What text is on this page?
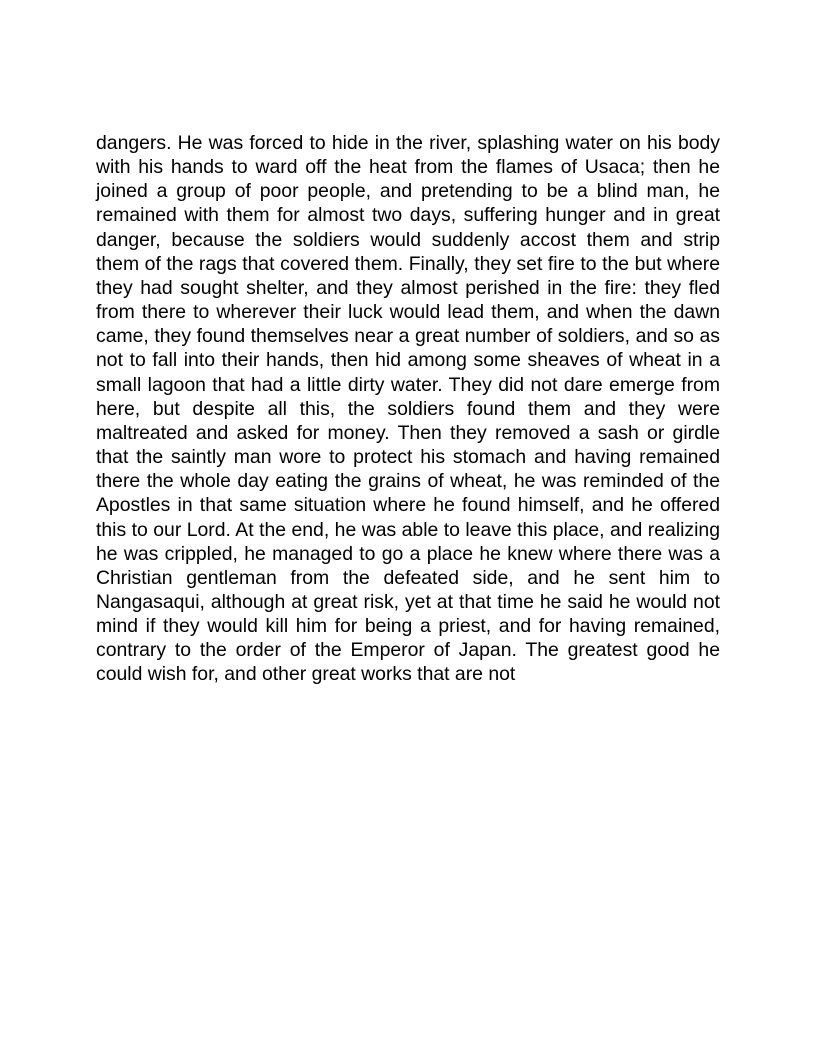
dangers. He was forced to hide in the river, splashing water on his body with his hands to ward off the heat from the flames of Usaca; then he joined a group of poor people, and pretending to be a blind man, he remained with them for almost two days, suffering hunger and in great danger, because the soldiers would suddenly accost them and strip them of the rags that covered them. Finally, they set fire to the but where they had sought shelter, and they almost perished in the fire: they fled from there to wherever their luck would lead them, and when the dawn came, they found themselves near a great number of soldiers, and so as not to fall into their hands, then hid among some sheaves of wheat in a small lagoon that had a little dirty water. They did not dare emerge from here, but despite all this, the soldiers found them and they were maltreated and asked for money. Then they removed a sash or girdle that the saintly man wore to protect his stomach and having remained there the whole day eating the grains of wheat, he was reminded of the Apostles in that same situation where he found himself, and he offered this to our Lord. At the end, he was able to leave this place, and realizing he was crippled, he managed to go a place he knew where there was a Christian gentleman from the defeated side, and he sent him to Nangasaqui, although at great risk, yet at that time he said he would not mind if they would kill him for being a priest, and for having remained, contrary to the order of the Emperor of Japan. The greatest good he could wish for, and other great works that are not
